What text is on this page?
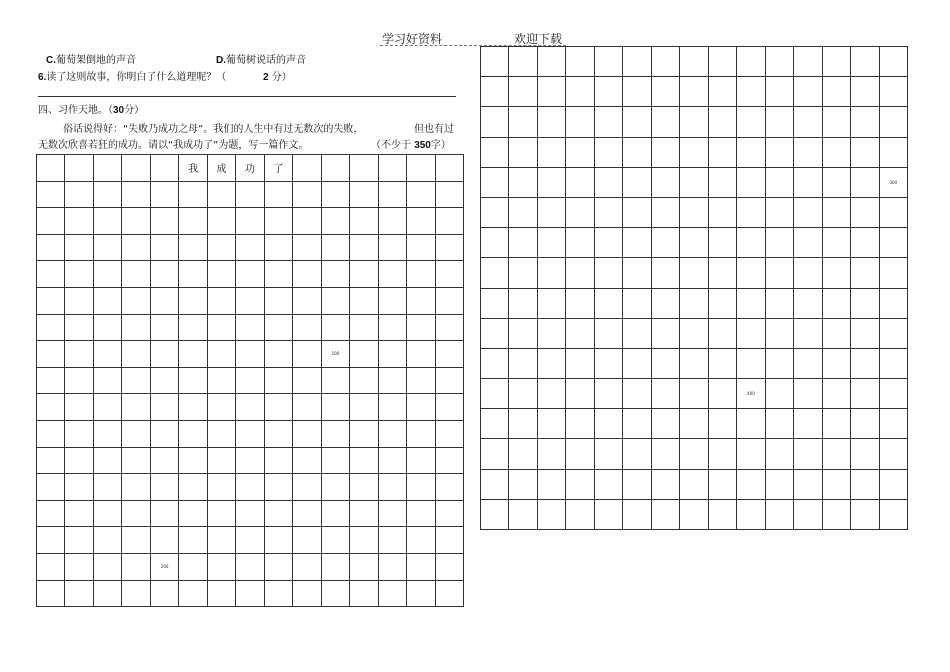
学习好资料	欢迎下载
C.葡萄架倒地的声音	D.葡萄树说话的声音
6.读了这则故事，你明白了什么道理呢？（	2 分）
四、习作天地。（30分）
俗话说得好：“失败乃成功之母”。我们的人生中有过无数次的失败，	但也有过
无数次欣喜若狂的成功。请以“我成功了”为题，写一篇作文。	（不少于 350字）
我 成 功 了
100
200
300
400
